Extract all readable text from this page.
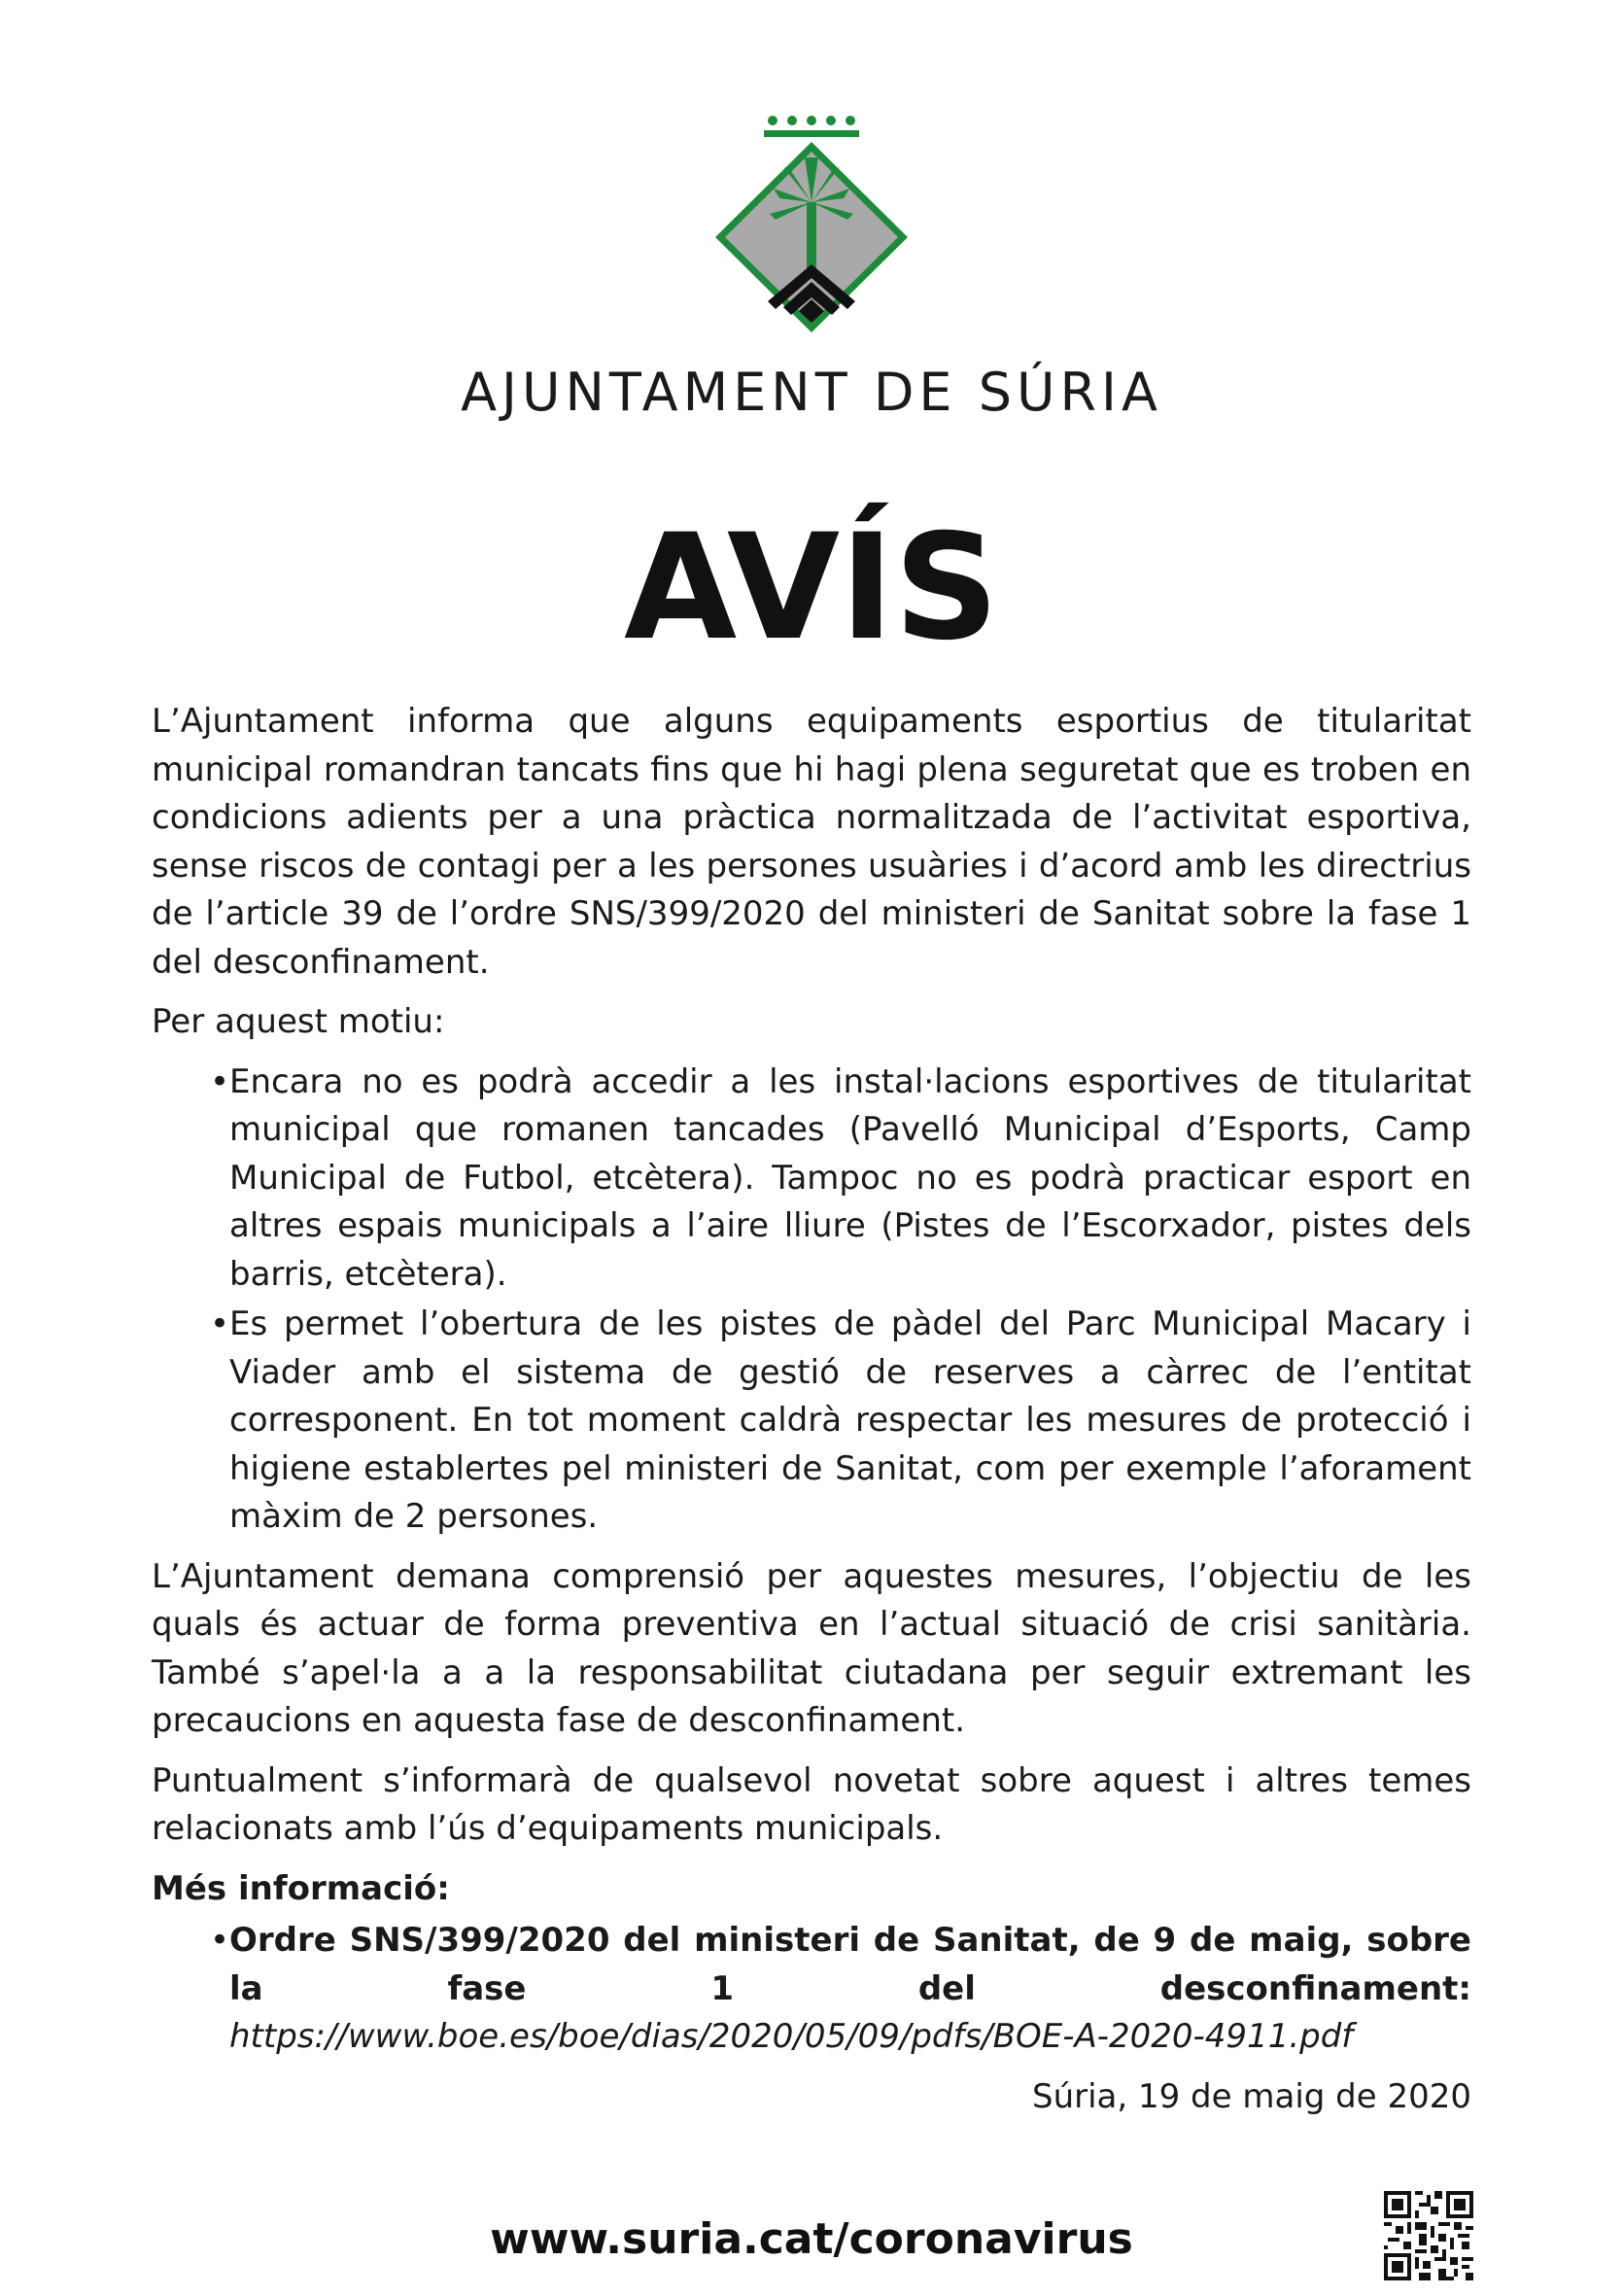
AJUNTAMENT DE SÚRIA
AVÍS

L’Ajuntament informa que alguns equipaments esportius de titularitat municipal romandran tancats fins que hi hagi plena seguretat que es troben en condicions adients per a una pràctica normalitzada de l’activitat esportiva, sense riscos de contagi per a les persones usuàries i d’acord amb les directrius de l’article 39 de l’ordre SNS/399/2020 del ministeri de Sanitat sobre la fase 1 del desconfinament.

Per aquest motiu:

• Encara no es podrà accedir a les instal·lacions esportives de titularitat municipal que romanen tancades (Pavelló Municipal d’Esports, Camp Municipal de Futbol, etcètera). Tampoc no es podrà practicar esport en altres espais municipals a l’aire lliure (Pistes de l’Escorxador, pistes dels barris, etcètera).
• Es permet l’obertura de les pistes de pàdel del Parc Municipal Macary i Viader amb el sistema de gestió de reserves a càrrec de l’entitat corresponent. En tot moment caldrà respectar les mesures de protecció i higiene establertes pel ministeri de Sanitat, com per exemple l’aforament màxim de 2 persones.

L’Ajuntament demana comprensió per aquestes mesures, l’objectiu de les quals és actuar de forma preventiva en l’actual situació de crisi sanitària. També s’apel·la a a la responsabilitat ciutadana per seguir extremant les precaucions en aquesta fase de desconfinament.

Puntualment s’informarà de qualsevol novetat sobre aquest i altres temes relacionats amb l’ús d’equipaments municipals.

Més informació:
• Ordre SNS/399/2020 del ministeri de Sanitat, de 9 de maig, sobre la fase 1 del desconfinament: https://www.boe.es/boe/dias/2020/05/09/pdfs/BOE-A-2020-4911.pdf
Súria, 19 de maig de 2020
www.suria.cat/coronavirus
